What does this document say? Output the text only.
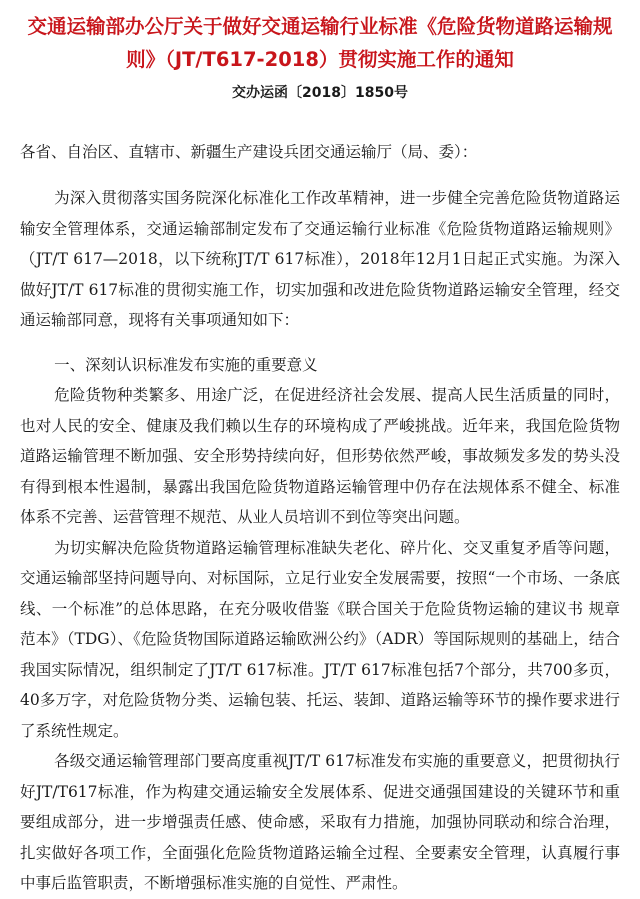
交通运输部办公厅关于做好交通运输行业标准《危险货物道路运输规
则》（JT/T617-2018）贯彻实施工作的通知
交办运函〔2018〕1850号

各省、自治区、直辖市、新疆生产建设兵团交通运输厅（局、委）：

为深入贯彻落实国务院深化标准化工作改革精神，进一步健全完善危险货物道路运输安全管理体系，交通运输部制定发布了交通运输行业标准《危险货物道路运输规则》（JT/T 617—2018，以下统称JT/T 617标准），2018年12月1日起正式实施。为深入做好JT/T 617标准的贯彻实施工作，切实加强和改进危险货物道路运输安全管理，经交通运输部同意，现将有关事项通知如下：

一、深刻认识标准发布实施的重要意义

危险货物种类繁多、用途广泛，在促进经济社会发展、提高人民生活质量的同时，也对人民的安全、健康及我们赖以生存的环境构成了严峻挑战。近年来，我国危险货物道路运输管理不断加强、安全形势持续向好，但形势依然严峻，事故频发多发的势头没有得到根本性遏制，暴露出我国危险货物道路运输管理中仍存在法规体系不健全、标准体系不完善、运营管理不规范、从业人员培训不到位等突出问题。

为切实解决危险货物道路运输管理标准缺失老化、碎片化、交叉重复矛盾等问题，交通运输部坚持问题导向、对标国际，立足行业安全发展需要，按照“一个市场、一条底线、一个标准”的总体思路，在充分吸收借鉴《联合国关于危险货物运输的建议书 规章范本》（TDG）、《危险货物国际道路运输欧洲公约》（ADR）等国际规则的基础上，结合我国实际情况，组织制定了JT/T 617标准。JT/T 617标准包括7个部分，共700多页，40多万字，对危险货物分类、运输包装、托运、装卸、道路运输等环节的操作要求进行了系统性规定。

各级交通运输管理部门要高度重视JT/T 617标准发布实施的重要意义，把贯彻执行好JT/T617标准，作为构建交通运输安全发展体系、促进交通强国建设的关键环节和重要组成部分，进一步增强责任感、使命感，采取有力措施，加强协同联动和综合治理，扎实做好各项工作，全面强化危险货物道路运输全过程、全要素安全管理，认真履行事中事后监管职责，不断增强标准实施的自觉性、严肃性。
